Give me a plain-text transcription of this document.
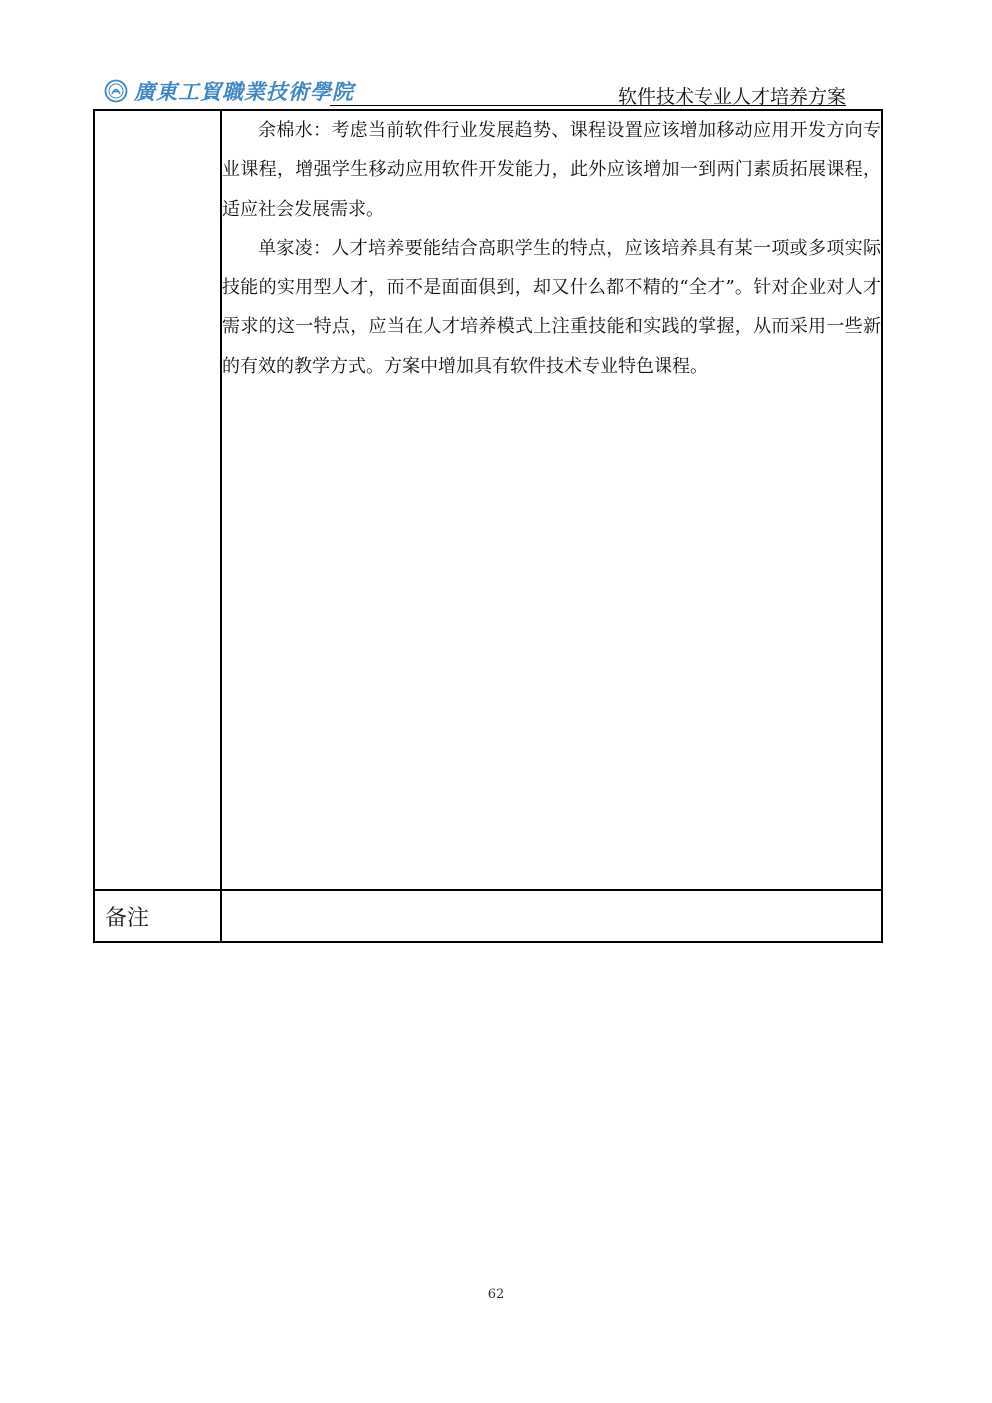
廣東工貿職業技術學院	软件技术专业人才培养方案

	余棉水：考虑当前软件行业发展趋势、课程设置应该增加移动应用开发方向专业课程，增强学生移动应用软件开发能力，此外应该增加一到两门素质拓展课程，适应社会发展需求。

单家凌：人才培养要能结合高职学生的特点，应该培养具有某一项或多项实际技能的实用型人才，而不是面面俱到，却又什么都不精的“全才”。针对企业对人才需求的这一特点，应当在人才培养模式上注重技能和实践的掌握，从而采用一些新的有效的教学方式。方案中增加具有软件技术专业特色课程。

备注	
62
